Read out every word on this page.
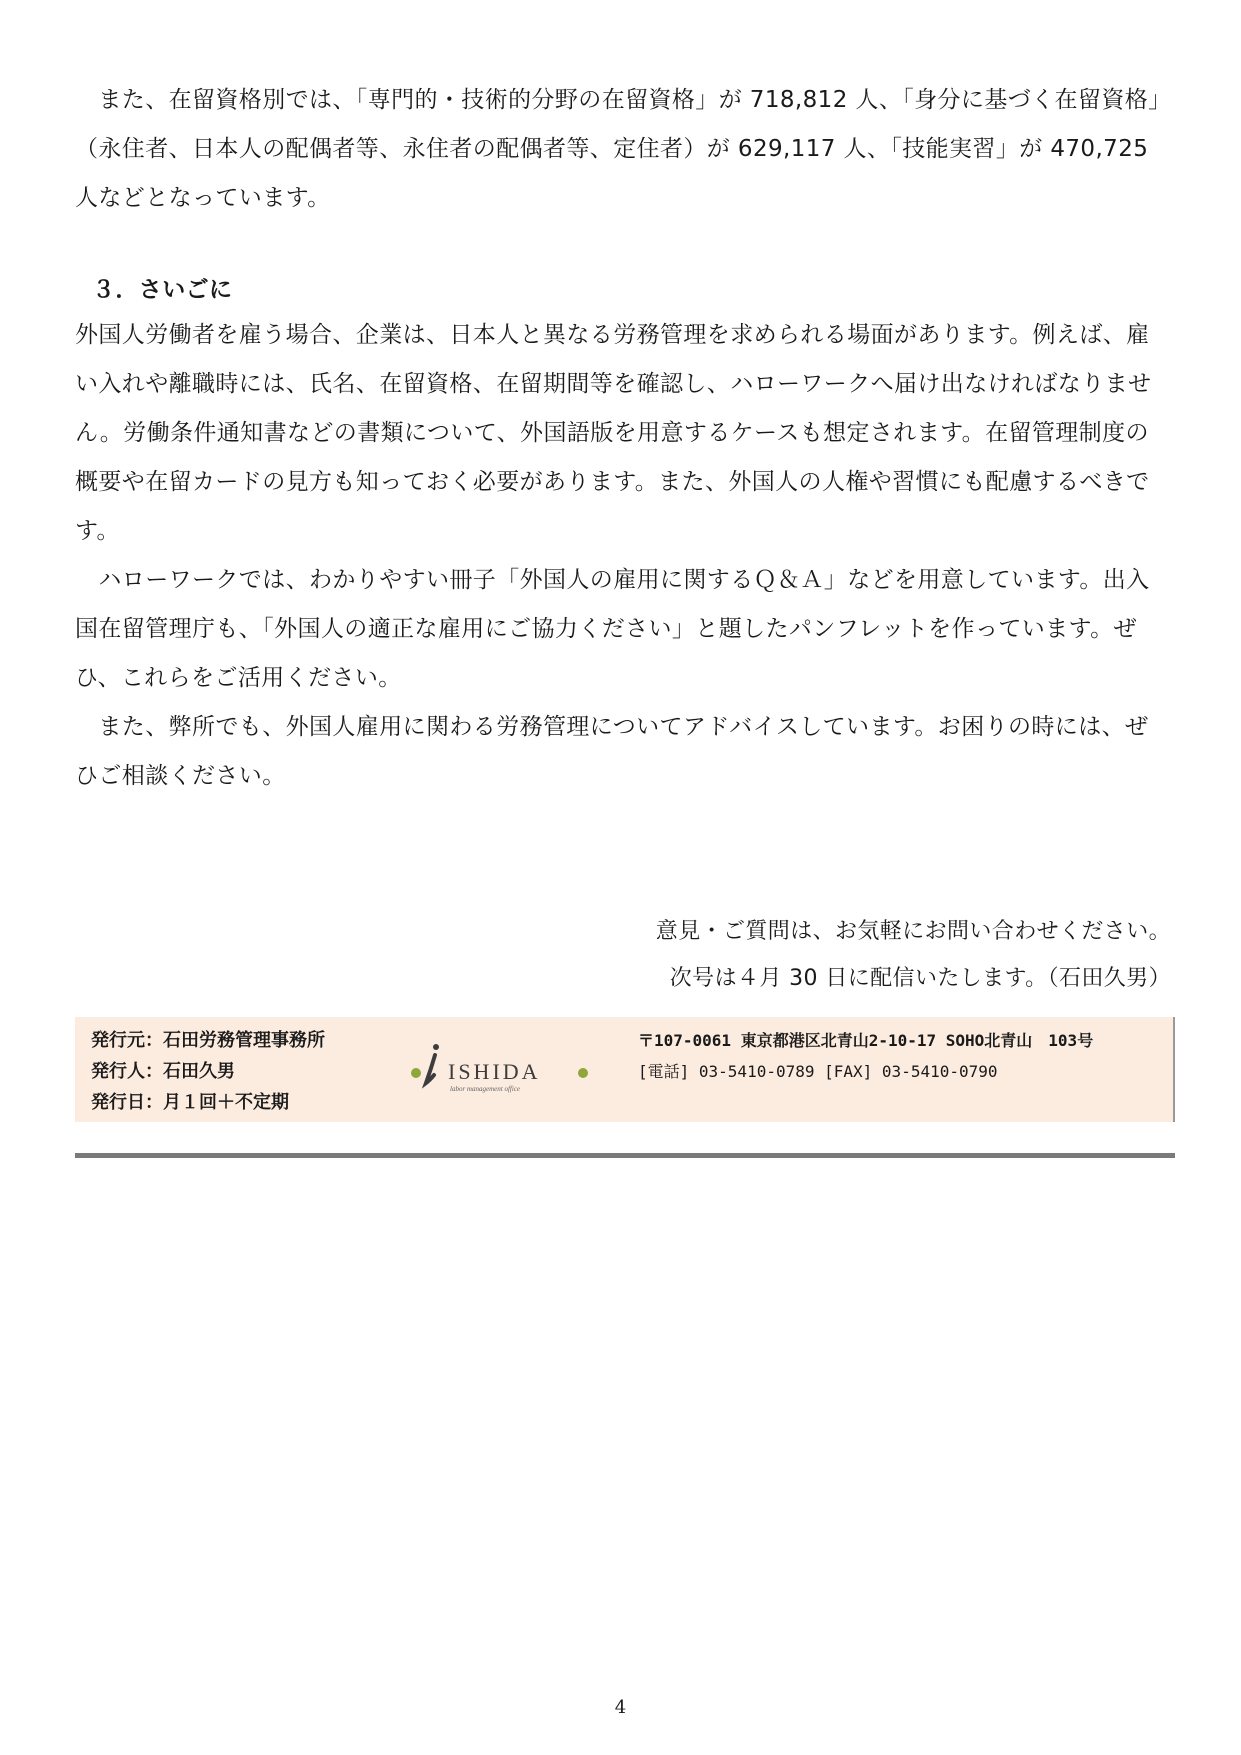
　また、在留資格別では、「専門的・技術的分野の在留資格」が 718,812 人、「身分に基づく在留資格」（永住者、日本人の配偶者等、永住者の配偶者等、定住者）が 629,117 人、「技能実習」が 470,725 人などとなっています。

３．さいごに

外国人労働者を雇う場合、企業は、日本人と異なる労務管理を求められる場面があります。例えば、雇い入れや離職時には、氏名、在留資格、在留期間等を確認し、ハローワークへ届け出なければなりません。労働条件通知書などの書類について、外国語版を用意するケースも想定されます。在留管理制度の概要や在留カードの見方も知っておく必要があります。また、外国人の人権や習慣にも配慮するべきです。

　ハローワークでは、わかりやすい冊子「外国人の雇用に関するＱ＆Ａ」などを用意しています。出入国在留管理庁も、「外国人の適正な雇用にご協力ください」と題したパンフレットを作っています。ぜひ、これらをご活用ください。

　また、弊所でも、外国人雇用に関わる労務管理についてアドバイスしています。お困りの時には、ぜひご相談ください。

意見・ご質問は、お気軽にお問い合わせください。

次号は４月 30 日に配信いたします。（石田久男）

発行元：石田労務管理事務所
発行人：石田久男
発行日：月１回＋不定期
ISHIDA
labor management office
〒107-0061 東京都港区北青山2-10-17 SOHO北青山　103号
[電話] 03-5410-0789 [FAX] 03-5410-0790
4
